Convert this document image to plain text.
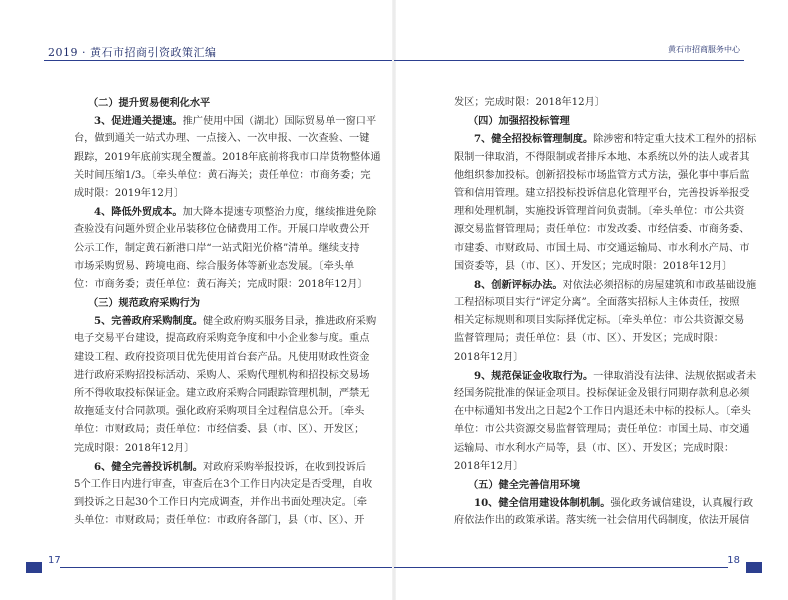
2019 · 黄石市招商引资政策汇编
（二）提升贸易便利化水平
3、促进通关提速。推广使用中国（湖北）国际贸易单一窗口平
台，做到通关一站式办理、一点接入、一次申报、一次查验、一键
跟踪，2019年底前实现全覆盖。2018年底前将我市口岸货物整体通
关时间压缩1/3。〔牵头单位：黄石海关；责任单位：市商务委；完
成时限：2019年12月〕
4、降低外贸成本。加大降本提速专项整治力度，继续推进免除
查验没有问题外贸企业吊装移位仓储费用工作。开展口岸收费公开
公示工作，制定黄石新港口岸“一站式阳光价格”清单。继续支持
市场采购贸易、跨境电商、综合服务体等新业态发展。〔牵头单
位：市商务委；责任单位：黄石海关；完成时限：2018年12月〕
（三）规范政府采购行为
5、完善政府采购制度。健全政府购买服务目录，推进政府采购
电子交易平台建设，提高政府采购竞争度和中小企业参与度。重点
建设工程、政府投资项目优先使用首台套产品。凡使用财政性资金
进行政府采购招投标活动、采购人、采购代理机构和招投标交易场
所不得收取投标保证金。建立政府采购合同跟踪管理机制，严禁无
故拖延支付合同款项。强化政府采购项目全过程信息公开。〔牵头
单位：市财政局；责任单位：市经信委、县（市、区）、开发区；
完成时限：2018年12月〕
6、健全完善投诉机制。对政府采购举报投诉，在收到投诉后
5个工作日内进行审查，审查后在3个工作日内决定是否受理，自收
到投诉之日起30个工作日内完成调查，并作出书面处理决定。〔牵
头单位：市财政局；责任单位：市政府各部门，县（市、区）、开
17
黄石市招商服务中心
发区；完成时限：2018年12月〕
（四）加强招投标管理
7、健全招投标管理制度。除涉密和特定重大技术工程外的招标
限制一律取消，不得限制或者排斥本地、本系统以外的法人或者其
他组织参加投标。创新招投标市场监管方式方法，强化事中事后监
管和信用管理。建立招投标投诉信息化管理平台，完善投诉举报受
理和处理机制，实施投诉管理首问负责制。〔牵头单位：市公共资
源交易监督管理局；责任单位：市发改委、市经信委、市商务委、
市建委、市财政局、市国土局、市交通运输局、市水利水产局、市
国资委等，县（市、区）、开发区；完成时限：2018年12月〕
8、创新评标办法。对依法必须招标的房屋建筑和市政基础设施
工程招标项目实行“评定分离”。全面落实招标人主体责任，按照
相关定标规则和项目实际择优定标。〔牵头单位：市公共资源交易
监督管理局；责任单位：县（市、区）、开发区；完成时限：
2018年12月〕
9、规范保证金收取行为。一律取消没有法律、法规依据或者未
经国务院批准的保证金项目。投标保证金及银行同期存款利息必须
在中标通知书发出之日起2个工作日内退还未中标的投标人。〔牵头
单位：市公共资源交易监督管理局；责任单位：市国土局、市交通
运输局、市水利水产局等，县（市、区）、开发区；完成时限：
2018年12月〕
（五）健全完善信用环境
10、健全信用建设体制机制。强化政务诚信建设，认真履行政
府依法作出的政策承诺。落实统一社会信用代码制度，依法开展信
18
